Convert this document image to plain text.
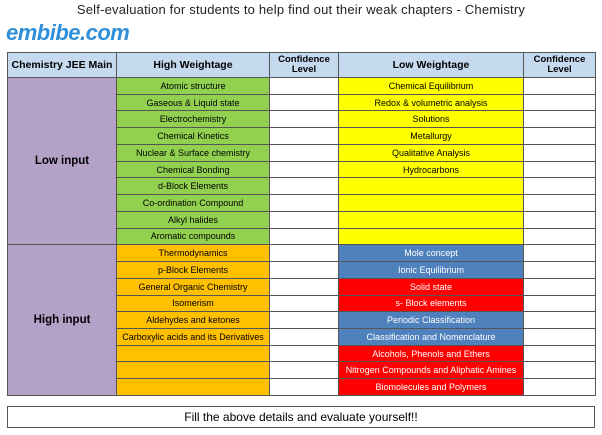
Self-evaluation for students to help find out their weak chapters - Chemistry
embibe.com
Chemistry JEE Main	High Weightage	Confidence Level	Low Weightage	Confidence Level
Low input	Atomic structure		Chemical Equilibrium	
	Gaseous & Liquid state		Redox & volumetric analysis	
	Electrochemistry		Solutions	
	Chemical Kinetics		Metallurgy	
	Nuclear & Surface chemistry		Qualitative Analysis	
	Chemical Bonding		Hydrocarbons	
	d-Block Elements			
	Co-ordination Compound			
	Alkyl halides			
	Aromatic compounds			
High input	Thermodynamics		Mole concept	
	p-Block Elements		Ionic Equilibrium	
	General Organic Chemistry		Solid state	
	Isomerism		s- Block elements	
	Aldehydes and ketones		Periodic Classification	
	Carboxylic acids and its Derivatives		Classification and Nomenclature	
			Alcohols, Phenols and Ethers	
			Nitrogen Compounds and Aliphatic Amines	
			Biomolecules and Polymers	
Fill the above details and evaluate yourself!!
